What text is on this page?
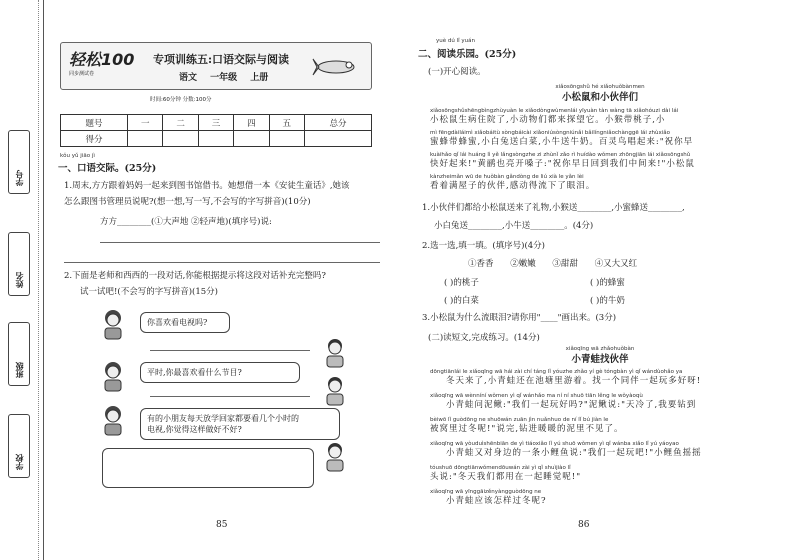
学号
姓名
班级
学校
轻松100
同步测试卷
专项训练五:口语交际与阅读
语文 一年级 上册
时间:60分钟 分数:100分
题号	一	二	三	四	五	总分
得分						
kǒu yǔ jiāo jì
一、口语交际。(25分)
1.周末,方方跟着妈妈一起来到图书馆借书。她想借一本《安徒生童话》,她该
怎么跟图书管理员说呢?(想一想,写一写,不会写的字写拼音)(10分)
方方________(①大声地 ②轻声地)(填序号)说:
2.下面是老师和西西的一段对话,你能根据提示将这段对话补充完整吗?
试一试吧!(不会写的字写拼音)(15分)
你喜欢看电视吗?
平时,你最喜欢看什么节目?
有的小朋友每天放学回家都要看几个小时的
电视,你觉得这样做好不好?
85
yuè dú lǐ yuán
二、阅读乐园。(25分)
(一)开心阅读。
xiǎosōngshǔ hé xiǎohuǒbànmen
小松鼠和小伙伴们
xiǎosōngshǔshēngbìngzhùyuàn le xiǎodòngwùmenlái yīyuàn tàn wàng tā xiǎohóuzi dài lái
小松鼠生病住院了,小动物们都来探望它。小猴带桃子,小
mì fēngdàiláimì xiǎobáitù sòngbáicài xiǎoniúsòngniúnǎi bǎilíngniǎochànggē lái zhùxiǎo
蜜蜂带蜂蜜,小白兔送白菜,小牛送牛奶。百灵鸟唱起来:"祝你早
kuàihǎo qǐ lái huáng lì yě lǎngsòngzhe zi zhùnǐ zǎo rì huídào wǒmen zhōngjiān lái xiǎosōngshǔ
快好起来!"黄鹂也亮开嗓子:"祝你早日回到我们中间来!"小松鼠
kànzheimǎn wū de huǒbàn gǎndòng de liú xià le yǎn lèi
看着满屋子的伙伴,感动得流下了眼泪。
1.小伙伴们都给小松鼠送来了礼物,小猴送________,小蜜蜂送________,
小白兔送________,小牛送________。(4分)
2.选一选,填一填。(填序号)(4分)
①香香 ②嫩嫩 ③甜甜 ④又大又红
( )的桃子	( )的蜂蜜
( )的白菜	( )的牛奶
3.小松鼠为什么流眼泪?请你用"____"画出来。(3分)
(二)读短文,完成练习。(14分)
xiǎoqīng wā zhǎohuǒbàn
小青蛙找伙伴
dōngtiānlái le xiǎoqīng wā hái zài chí táng lǐ yóuzhe zhǎo yí gè tóngbàn yì qǐ wándùohǎo ya
冬天来了,小青蛙还在池塘里游着。找一个同伴一起玩多好呀!
xiǎoqīng wā wènníní wǒmen yì qǐ wánhǎo ma ní ní shuō tiān lěng le wǒyàoqù
小青蛙问泥鳅:"我们一起玩好吗?"泥鳅说:"天冷了,我要钻到
bèiwō lǐ guòdōng ne shuōwán zuān jìn nuǎnhuo de ní lǐ bú jiàn le
被窝里过冬呢!"说完,钻进暖暖的泥里不见了。
xiǎoqīng wā yòuduìshēnbiān de yì tiáoxiǎo lǐ yú shuō wǒmen yì qǐ wánba xiǎo lǐ yú yáoyao
小青蛙又对身边的一条小鲤鱼说:"我们一起玩吧!"小鲤鱼摇摇
tóushuō dōngtiānwǒmendōuwán zài yì qǐ shuìjiào lǐ
头说:"冬天我们都用在一起睡觉呢!"
xiǎoqīng wā yīnggāizěnyàngguòdōng ne
小青蛙应该怎样过冬呢?
86
